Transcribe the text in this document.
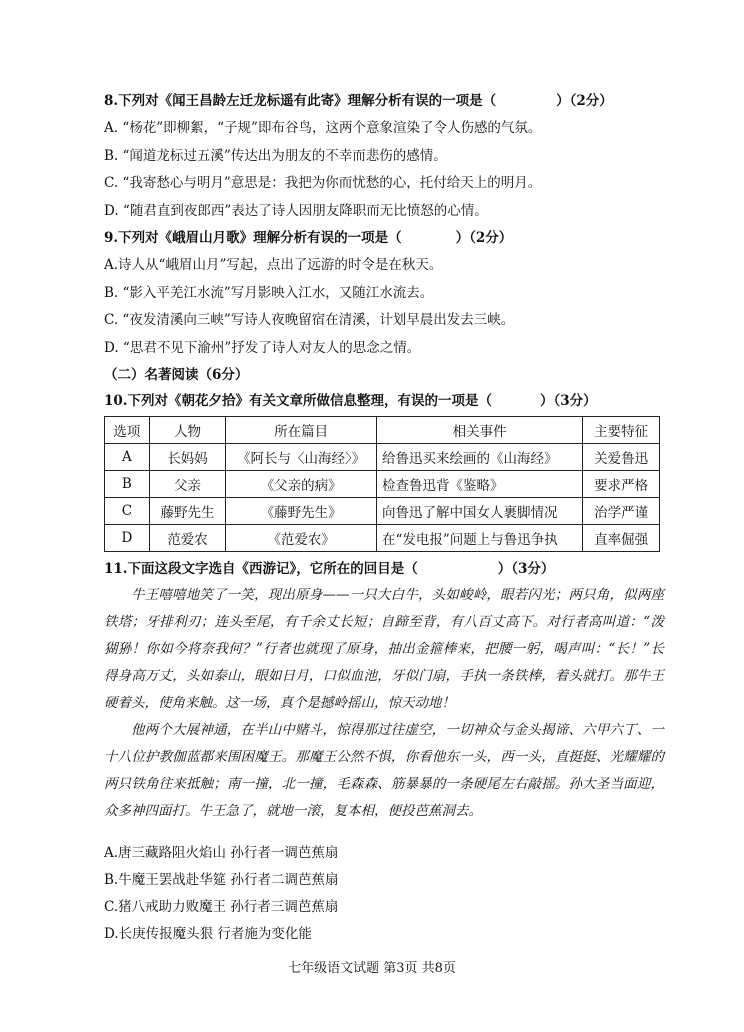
8.下列对《闻王昌龄左迁龙标遥有此寄》理解分析有误的一项是（	）（2分）
A. “杨花”即柳絮，“子规”即布谷鸟，这两个意象渲染了令人伤感的气氛。
B. “闻道龙标过五溪”传达出为朋友的不幸而悲伤的感情。
C. “我寄愁心与明月”意思是：我把为你而忧愁的心，托付给天上的明月。
D. “随君直到夜郎西”表达了诗人因朋友降职而无比愤怒的心情。
9.下列对《峨眉山月歌》理解分析有误的一项是（	）（2分）
A.诗人从“峨眉山月”写起，点出了远游的时令是在秋天。
B. “影入平羌江水流”写月影映入江水，又随江水流去。
C. “夜发清溪向三峡”写诗人夜晚留宿在清溪，计划早晨出发去三峡。
D. “思君不见下渝州”抒发了诗人对友人的思念之情。
（二）名著阅读（6分）
10.下列对《朝花夕拾》有关文章所做信息整理，有误的一项是（	）（3分）
选项	人物	所在篇目	相关事件	主要特征
A	长妈妈	《阿长与〈山海经〉》	给鲁迅买来绘画的《山海经》	关爱鲁迅
B	父亲	《父亲的病》	检查鲁迅背《鉴略》	要求严格
C	藤野先生	《藤野先生》	向鲁迅了解中国女人裹脚情况	治学严谨
D	范爱农	《范爱农》	在“发电报”问题上与鲁迅争执	直率倔强
11.下面这段文字选自《西游记》，它所在的回目是（	）（3分）

牛王嘻嘻地笑了一笑，现出原身——一只大白牛，头如峻岭，眼若闪光；两只角，似两座铁塔；牙排利刃；连头至尾，有千余丈长短；自蹄至背，有八百丈高下。对行者高叫道：“泼猢狲！你如今将奈我何？”行者也就现了原身，抽出金箍棒来，把腰一躬，喝声叫：“长！”长得身高万丈，头如泰山，眼如日月，口似血池，牙似门扇，手执一条铁棒，着头就打。那牛王硬着头，使角来触。这一场，真个是撼岭摇山，惊天动地！

他两个大展神通，在半山中赌斗，惊得那过往虚空，一切神众与金头揭谛、六甲六丁、一十八位护教伽蓝都来围困魔王。那魔王公然不惧，你看他东一头，西一头，直挺挺、光耀耀的两只铁角往来抵触；南一撞，北一撞，毛森森、筋暴暴的一条硬尾左右敲摇。孙大圣当面迎，众多神四面打。牛王急了，就地一滚，复本相，便投芭蕉洞去。

A.唐三藏路阻火焰山 孙行者一调芭蕉扇
B.牛魔王罢战赴华筵 孙行者二调芭蕉扇
C.猪八戒助力败魔王 孙行者三调芭蕉扇
D.长庚传报魔头狠 行者施为变化能
七年级语文试题 第3页 共8页
